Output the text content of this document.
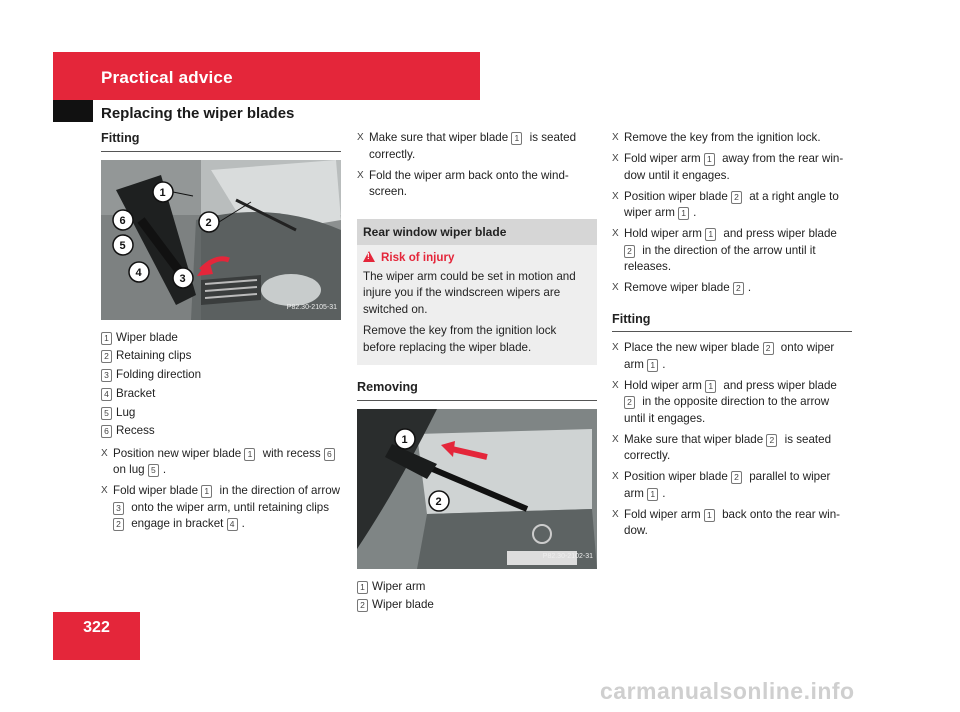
Practical advice
Replacing the wiper blades
Fitting
1
2
3
4
5
6
P82.30-2105-31
1 Wiper blade
2 Retaining clips
3 Folding direction
4 Bracket
5 Lug
6 Recess
X Position new wiper blade 1 with recess 6 on lug 5 .
X Fold wiper blade 1 in the direction of arrow 3 onto the wiper arm, until retaining clips 2 engage in bracket 4 .
X Make sure that wiper blade 1 is seated correctly.
X Fold the wiper arm back onto the wind-screen.
Rear window wiper blade
!Risk of injury

The wiper arm could be set in motion and injure you if the windscreen wipers are switched on.

Remove the key from the ignition lock before replacing the wiper blade.

Removing
1
2
P82.30-2102-31
1 Wiper arm
2 Wiper blade
X Remove the key from the ignition lock.
X Fold wiper arm 1 away from the rear win-dow until it engages.
X Position wiper blade 2 at a right angle to wiper arm 1 .
X Hold wiper arm 1 and press wiper blade 2 in the direction of the arrow until it releases.
X Remove wiper blade 2 .
Fitting
X Place the new wiper blade 2 onto wiper arm 1 .
X Hold wiper arm 1 and press wiper blade 2 in the opposite direction to the arrow until it engages.
X Make sure that wiper blade 2 is seated correctly.
X Position wiper blade 2 parallel to wiper arm 1 .
X Fold wiper arm 1 back onto the rear win-dow.
322
carmanualsonline.info
